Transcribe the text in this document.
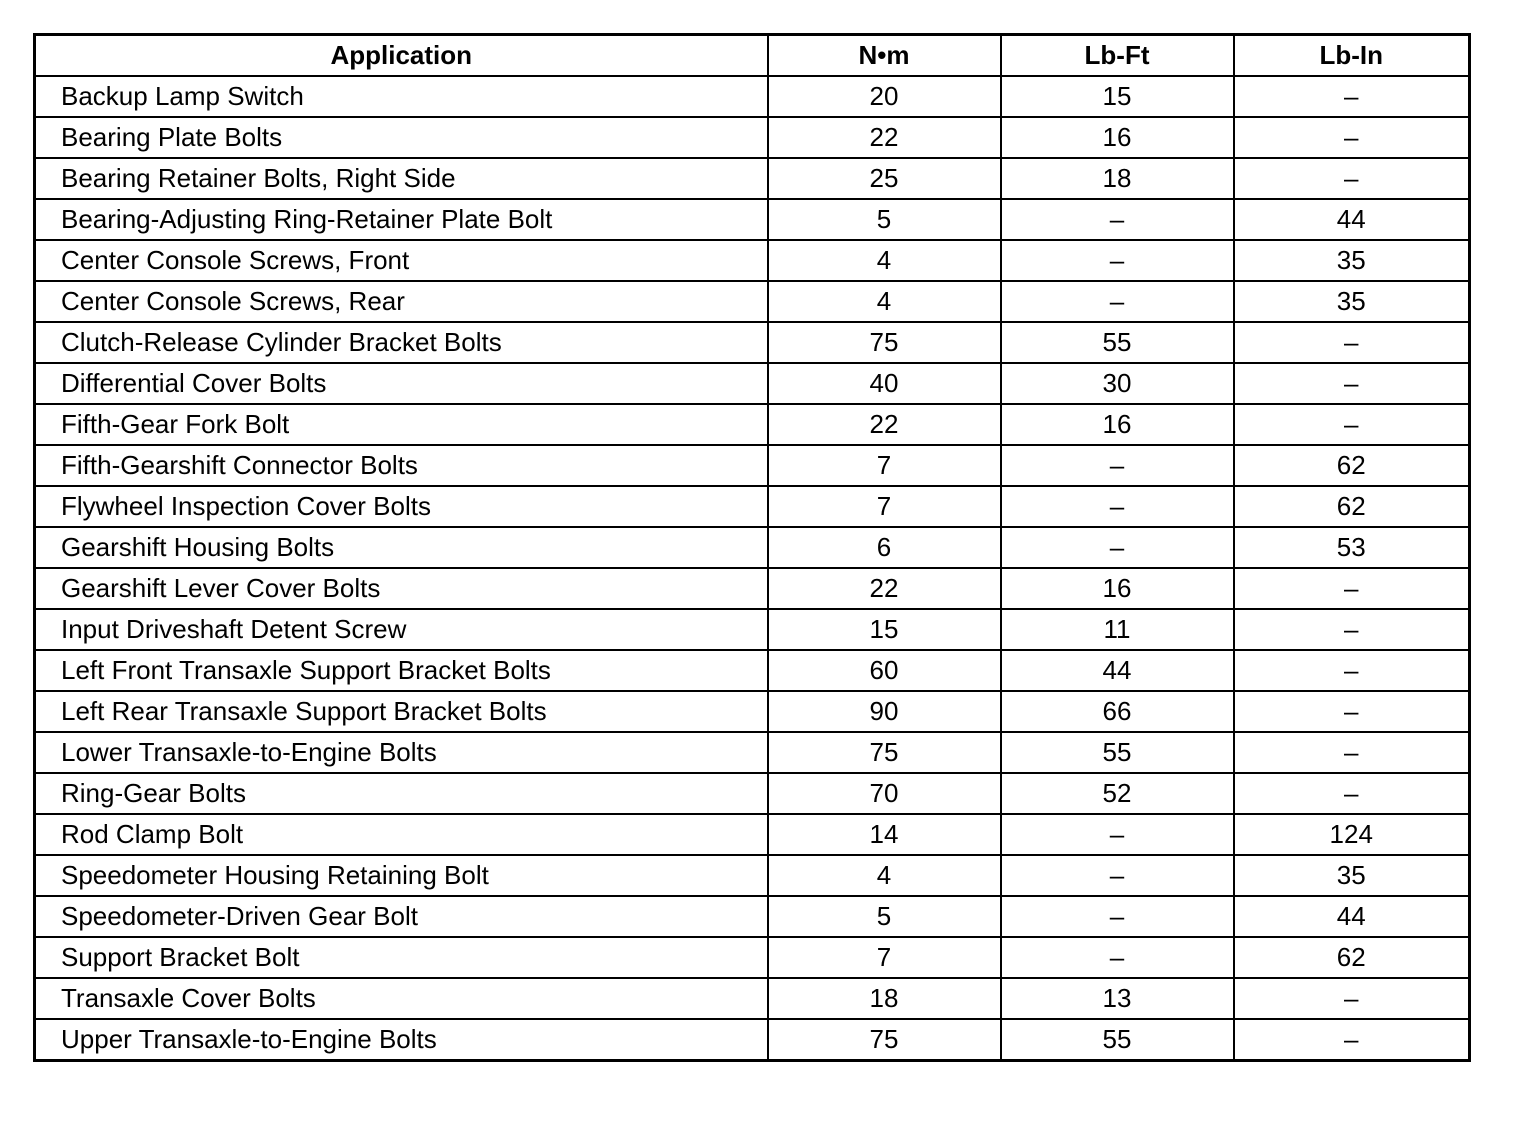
Application	N•m	Lb-Ft	Lb-In
Backup Lamp Switch	20	15	–
Bearing Plate Bolts	22	16	–
Bearing Retainer Bolts, Right Side	25	18	–
Bearing-Adjusting Ring-Retainer Plate Bolt	5	–	44
Center Console Screws, Front	4	–	35
Center Console Screws, Rear	4	–	35
Clutch-Release Cylinder Bracket Bolts	75	55	–
Differential Cover Bolts	40	30	–
Fifth-Gear Fork Bolt	22	16	–
Fifth-Gearshift Connector Bolts	7	–	62
Flywheel Inspection Cover Bolts	7	–	62
Gearshift Housing Bolts	6	–	53
Gearshift Lever Cover Bolts	22	16	–
Input Driveshaft Detent Screw	15	11	–
Left Front Transaxle Support Bracket Bolts	60	44	–
Left Rear Transaxle Support Bracket Bolts	90	66	–
Lower Transaxle-to-Engine Bolts	75	55	–
Ring-Gear Bolts	70	52	–
Rod Clamp Bolt	14	–	124
Speedometer Housing Retaining Bolt	4	–	35
Speedometer-Driven Gear Bolt	5	–	44
Support Bracket Bolt	7	–	62
Transaxle Cover Bolts	18	13	–
Upper Transaxle-to-Engine Bolts	75	55	–
